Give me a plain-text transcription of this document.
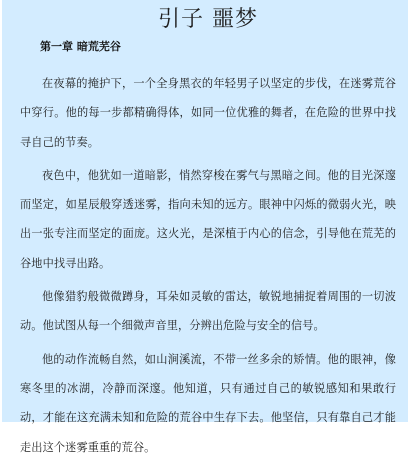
引子 噩梦
第一章 暗荒芜谷

在夜幕的掩护下，一个全身黑衣的年轻男子以坚定的步伐，在迷雾荒谷中穿行。他的每一步都精确得体，如同一位优雅的舞者，在危险的世界中找寻自己的节奏。

夜色中，他犹如一道暗影，悄然穿梭在雾气与黑暗之间。他的目光深邃而坚定，如星辰般穿透迷雾，指向未知的远方。眼神中闪烁的微弱火光，映出一张专注而坚定的面庞。这火光，是深植于内心的信念，引导他在荒芜的谷地中找寻出路。

他像猎豹般微微蹲身，耳朵如灵敏的雷达，敏锐地捕捉着周围的一切波动。他试图从每一个细微声音里，分辨出危险与安全的信号。

他的动作流畅自然，如山涧溪流，不带一丝多余的矫情。他的眼神，像寒冬里的冰湖，冷静而深邃。他知道，只有通过自己的敏锐感知和果敢行动，才能在这充满未知和危险的荒谷中生存下去。他坚信，只有靠自己才能走出这个迷雾重重的荒谷。
